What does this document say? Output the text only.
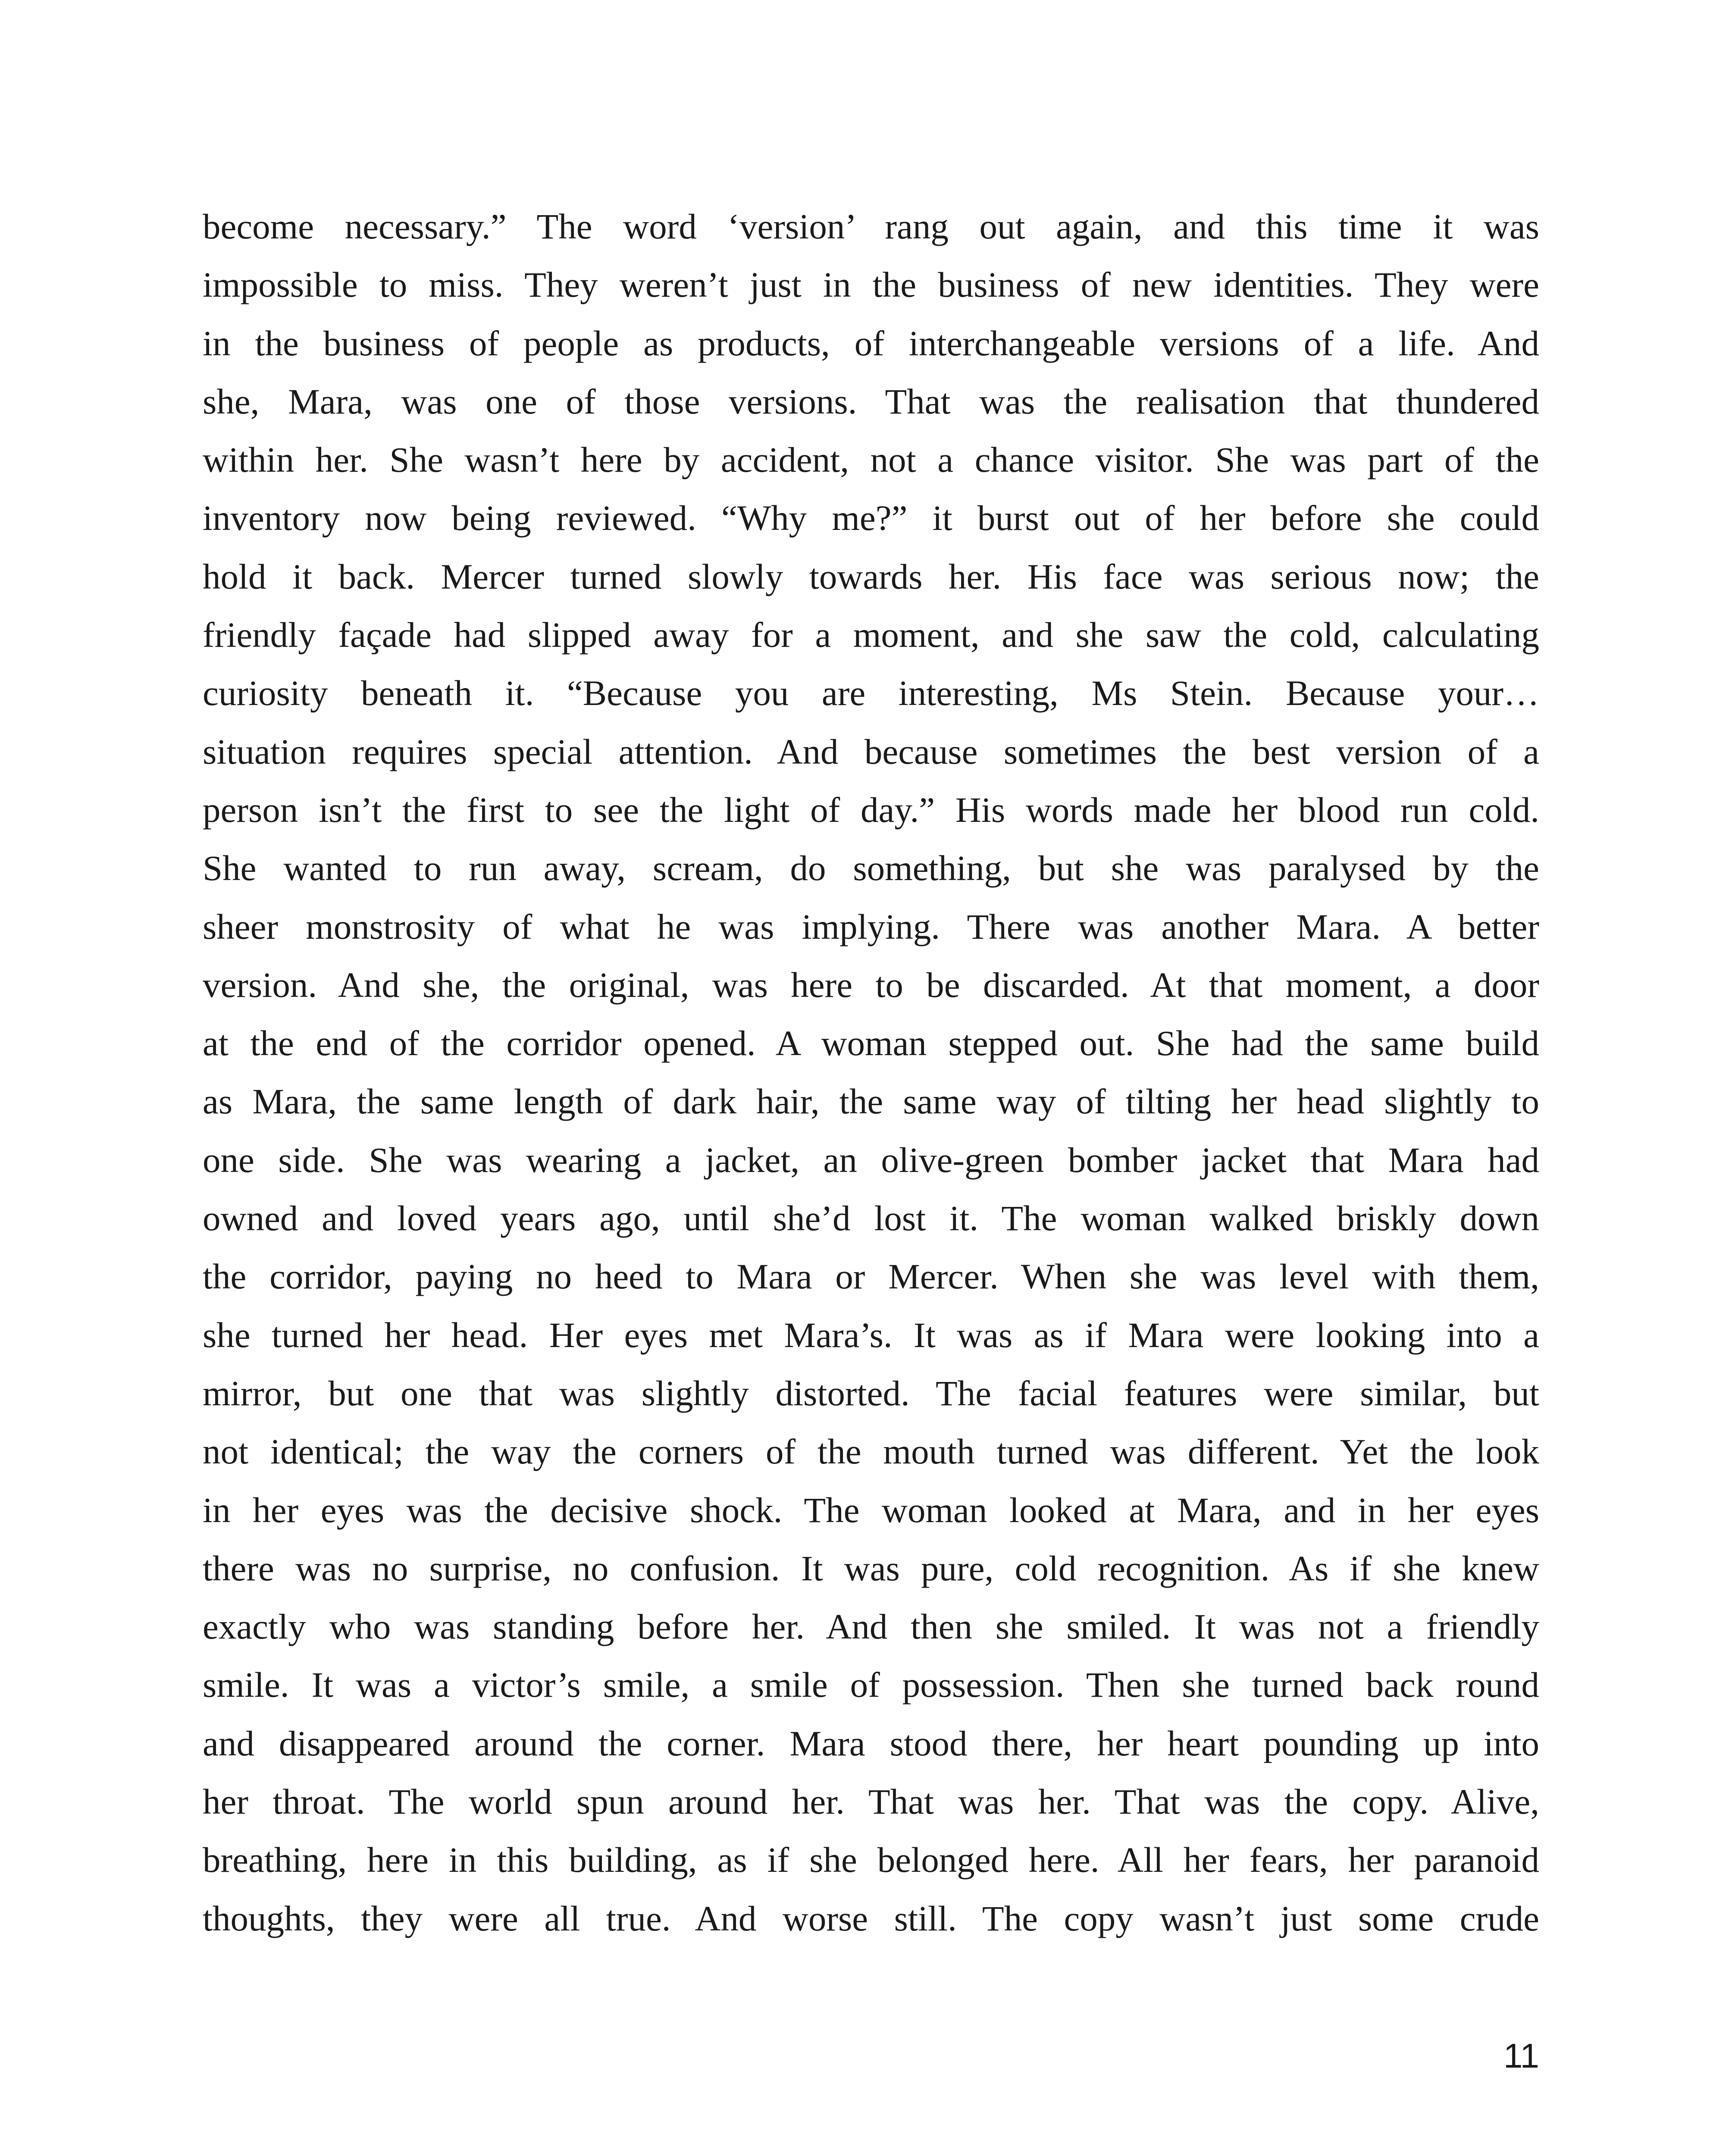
become necessary.” The word ‘version’ rang out again, and this time it was
impossible to miss. They weren’t just in the business of new identities. They were
in the business of people as products, of interchangeable versions of a life. And
she, Mara, was one of those versions. That was the realisation that thundered
within her. She wasn’t here by accident, not a chance visitor. She was part of the
inventory now being reviewed. “Why me?” it burst out of her before she could
hold it back. Mercer turned slowly towards her. His face was serious now; the
friendly façade had slipped away for a moment, and she saw the cold, calculating
curiosity beneath it. “Because you are interesting, Ms Stein. Because your…
situation requires special attention. And because sometimes the best version of a
person isn’t the first to see the light of day.” His words made her blood run cold.
She wanted to run away, scream, do something, but she was paralysed by the
sheer monstrosity of what he was implying. There was another Mara. A better
version. And she, the original, was here to be discarded. At that moment, a door
at the end of the corridor opened. A woman stepped out. She had the same build
as Mara, the same length of dark hair, the same way of tilting her head slightly to
one side. She was wearing a jacket, an olive-green bomber jacket that Mara had
owned and loved years ago, until she’d lost it. The woman walked briskly down
the corridor, paying no heed to Mara or Mercer. When she was level with them,
she turned her head. Her eyes met Mara’s. It was as if Mara were looking into a
mirror, but one that was slightly distorted. The facial features were similar, but
not identical; the way the corners of the mouth turned was different. Yet the look
in her eyes was the decisive shock. The woman looked at Mara, and in her eyes
there was no surprise, no confusion. It was pure, cold recognition. As if she knew
exactly who was standing before her. And then she smiled. It was not a friendly
smile. It was a victor’s smile, a smile of possession. Then she turned back round
and disappeared around the corner. Mara stood there, her heart pounding up into
her throat. The world spun around her. That was her. That was the copy. Alive,
breathing, here in this building, as if she belonged here. All her fears, her paranoid
thoughts, they were all true. And worse still. The copy wasn’t just some crude

11
